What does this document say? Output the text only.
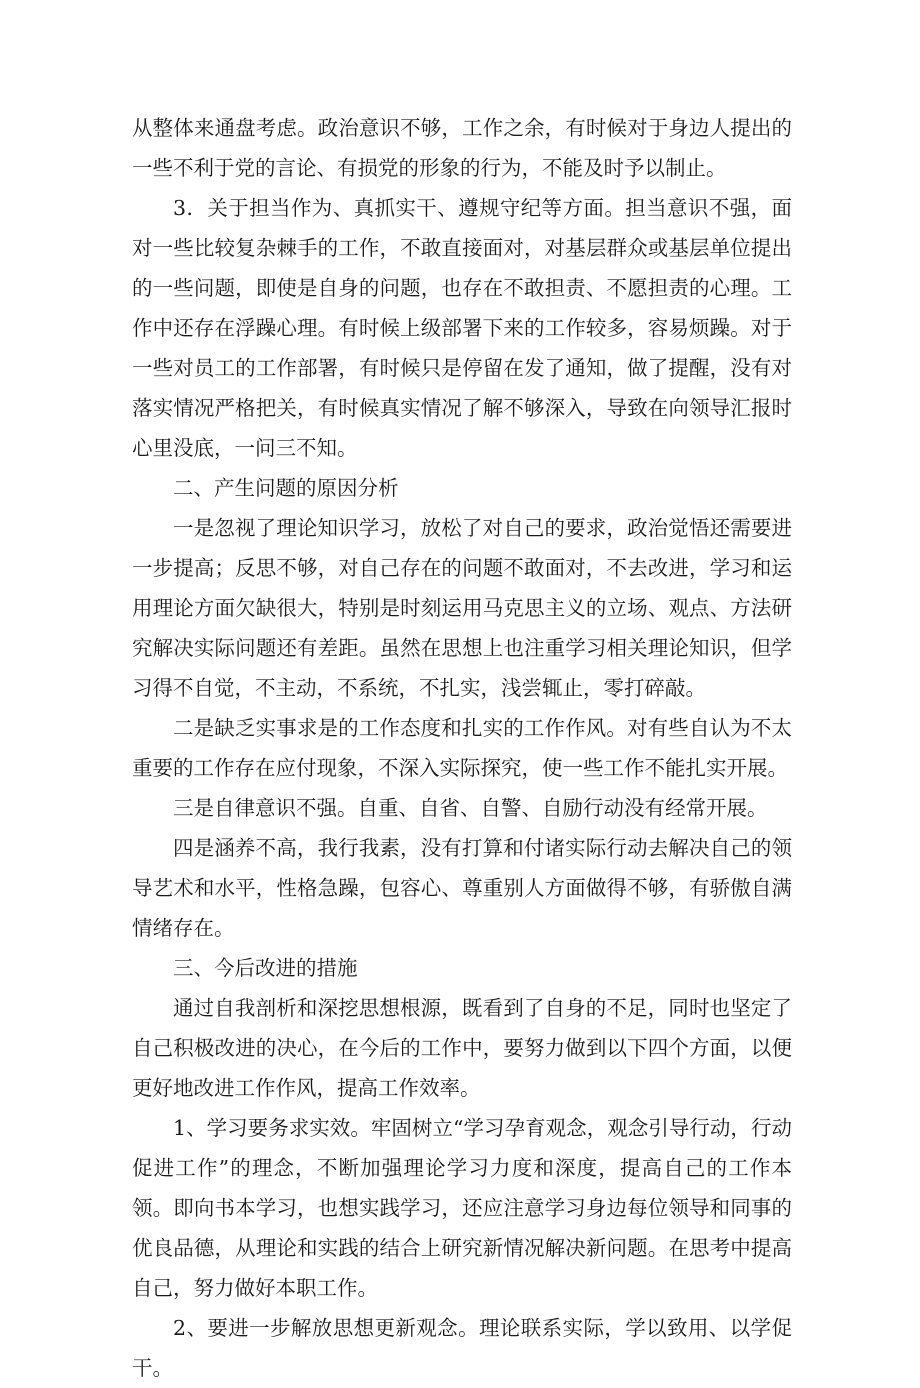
从整体来通盘考虑。政治意识不够，工作之余，有时候对于身边人提出的一些不利于党的言论、有损党的形象的行为，不能及时予以制止。

3．关于担当作为、真抓实干、遵规守纪等方面。担当意识不强，面对一些比较复杂棘手的工作，不敢直接面对，对基层群众或基层单位提出的一些问题，即使是自身的问题，也存在不敢担责、不愿担责的心理。工作中还存在浮躁心理。有时候上级部署下来的工作较多，容易烦躁。对于一些对员工的工作部署，有时候只是停留在发了通知，做了提醒，没有对落实情况严格把关，有时候真实情况了解不够深入，导致在向领导汇报时心里没底，一问三不知。

二、产生问题的原因分析

一是忽视了理论知识学习，放松了对自己的要求，政治觉悟还需要进一步提高；反思不够，对自己存在的问题不敢面对，不去改进，学习和运用理论方面欠缺很大，特别是时刻运用马克思主义的立场、观点、方法研究解决实际问题还有差距。虽然在思想上也注重学习相关理论知识，但学习得不自觉，不主动，不系统，不扎实，浅尝辄止，零打碎敲。

二是缺乏实事求是的工作态度和扎实的工作作风。对有些自认为不太重要的工作存在应付现象，不深入实际探究，使一些工作不能扎实开展。

三是自律意识不强。自重、自省、自警、自励行动没有经常开展。

四是涵养不高，我行我素，没有打算和付诸实际行动去解决自己的领导艺术和水平，性格急躁，包容心、尊重别人方面做得不够，有骄傲自满情绪存在。

三、今后改进的措施

通过自我剖析和深挖思想根源，既看到了自身的不足，同时也坚定了自己积极改进的决心，在今后的工作中，要努力做到以下四个方面，以便更好地改进工作作风，提高工作效率。

1、学习要务求实效。牢固树立“学习孕育观念，观念引导行动，行动促进工作”的理念，不断加强理论学习力度和深度，提高自己的工作本领。即向书本学习，也想实践学习，还应注意学习身边每位领导和同事的优良品德，从理论和实践的结合上研究新情况解决新问题。在思考中提高自己，努力做好本职工作。

2、要进一步解放思想更新观念。理论联系实际，学以致用、以学促干。
